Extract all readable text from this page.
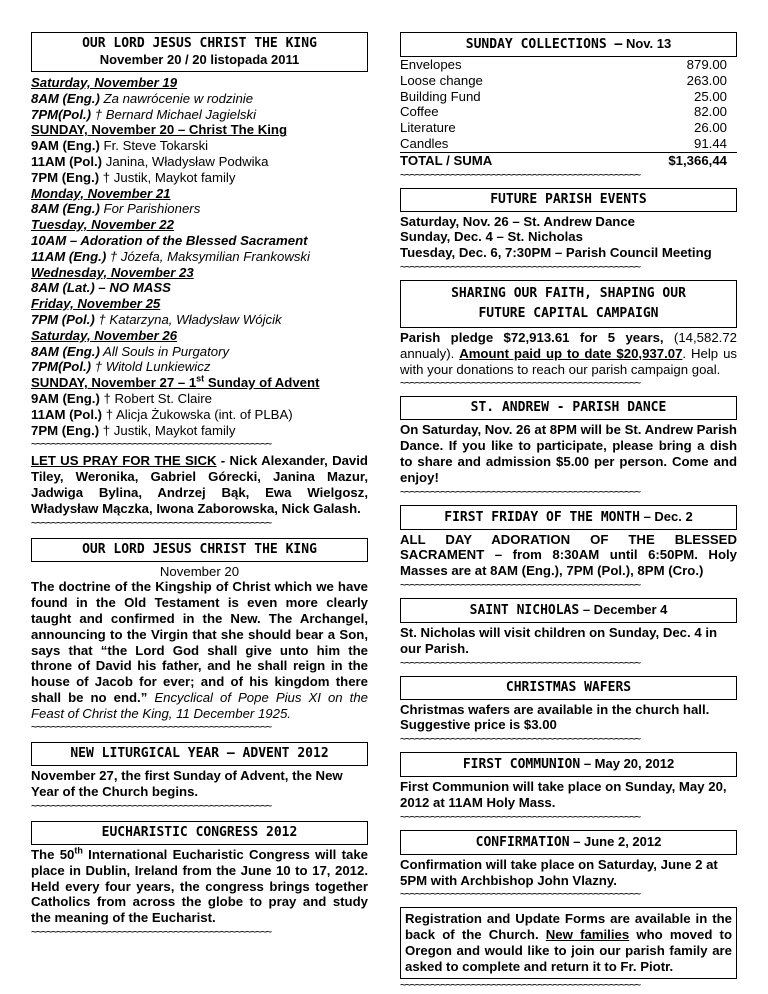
OUR LORD JESUS CHRIST THE KING
November 20 / 20 listopada 2011
Saturday, November 19
8AM (Eng.) Za nawrócenie w rodzinie
7PM(Pol.) † Bernard Michael Jagielski
SUNDAY, November 20 – Christ The King
9AM (Eng.) Fr. Steve Tokarski
11AM (Pol.) Janina, Władysław Podwika
7PM (Eng.) † Justik, Maykot family
Monday, November 21
8AM (Eng.) For Parishioners
Tuesday, November 22
10AM – Adoration of the Blessed Sacrament
11AM (Eng.) † Józefa, Maksymilian Frankowski
Wednesday, November 23
8AM (Lat.) – NO MASS
Friday, November 25
7PM (Pol.) † Katarzyna, Władysław Wójcik
Saturday, November 26
8AM (Eng.) All Souls in Purgatory
7PM(Pol.) † Witold Lunkiewicz
SUNDAY, November 27 – 1st Sunday of Advent
9AM (Eng.) † Robert St. Claire
11AM (Pol.) † Alicja Żukowska (int. of PLBA)
7PM (Eng.) † Justik, Maykot family
~~~~~~~~~~~~~~~~~~~~~~~~~~~~~~~~~~~~~~~~~~~~~~~
LET US PRAY FOR THE SICK - Nick Alexander, David Tiley, Weronika, Gabriel Górecki, Janina Mazur, Jadwiga Bylina, Andrzej Bąk, Ewa Wielgosz, Władysław Mączka, Iwona Zaborowska, Nick Galash.
~~~~~~~~~~~~~~~~~~~~~~~~~~~~~~~~~~~~~~~~~~~~~~~
OUR LORD JESUS CHRIST THE KING
November 20
The doctrine of the Kingship of Christ which we have found in the Old Testament is even more clearly taught and confirmed in the New. The Archangel, announcing to the Virgin that she should bear a Son, says that “the Lord God shall give unto him the throne of David his father, and he shall reign in the house of Jacob for ever; and of his kingdom there shall be no end.” Encyclical of Pope Pius XI on the Feast of Christ the King, 11 December 1925.
~~~~~~~~~~~~~~~~~~~~~~~~~~~~~~~~~~~~~~~~~~~~~~~
NEW LITURGICAL YEAR – ADVENT 2012
November 27, the first Sunday of Advent, the New Year of the Church begins.
~~~~~~~~~~~~~~~~~~~~~~~~~~~~~~~~~~~~~~~~~~~~~~~
EUCHARISTIC CONGRESS 2012
The 50th International Eucharistic Congress will take place in Dublin, Ireland from the June 10 to 17, 2012. Held every four years, the congress brings together Catholics from across the globe to pray and study the meaning of the Eucharist.
~~~~~~~~~~~~~~~~~~~~~~~~~~~~~~~~~~~~~~~~~~~~~~~
SUNDAY COLLECTIONS – Nov. 13
Envelopes	879.00
Loose change	263.00
Building Fund	25.00
Coffee	82.00
Literature	26.00
Candles	91.44
TOTAL / SUMA	$1,366,44
~~~~~~~~~~~~~~~~~~~~~~~~~~~~~~~~~~~~~~~~~~~~~~~
FUTURE PARISH EVENTS
Saturday, Nov. 26 – St. Andrew Dance
Sunday, Dec. 4 – St. Nicholas
Tuesday, Dec. 6, 7:30PM – Parish Council Meeting
~~~~~~~~~~~~~~~~~~~~~~~~~~~~~~~~~~~~~~~~~~~~~~~
SHARING OUR FAITH, SHAPING OUR
FUTURE CAPITAL CAMPAIGN
Parish pledge $72,913.61 for 5 years, (14,582.72 annualy). Amount paid up to date $20,937.07. Help us with your donations to reach our parish campaign goal.
~~~~~~~~~~~~~~~~~~~~~~~~~~~~~~~~~~~~~~~~~~~~~~~
ST. ANDREW - PARISH DANCE
On Saturday, Nov. 26 at 8PM will be St. Andrew Parish Dance. If you like to participate, please bring a dish to share and admission $5.00 per person. Come and enjoy!
~~~~~~~~~~~~~~~~~~~~~~~~~~~~~~~~~~~~~~~~~~~~~~~
FIRST FRIDAY OF THE MONTH – Dec. 2
ALL DAY ADORATION OF THE BLESSED SACRAMENT – from 8:30AM until 6:50PM. Holy Masses are at 8AM (Eng.), 7PM (Pol.), 8PM (Cro.)
~~~~~~~~~~~~~~~~~~~~~~~~~~~~~~~~~~~~~~~~~~~~~~~
SAINT NICHOLAS – December 4
St. Nicholas will visit children on Sunday, Dec. 4 in our Parish.
~~~~~~~~~~~~~~~~~~~~~~~~~~~~~~~~~~~~~~~~~~~~~~~
CHRISTMAS WAFERS
Christmas wafers are available in the church hall. Suggestive price is $3.00
~~~~~~~~~~~~~~~~~~~~~~~~~~~~~~~~~~~~~~~~~~~~~~~
FIRST COMMUNION – May 20, 2012
First Communion will take place on Sunday, May 20, 2012 at 11AM Holy Mass.
~~~~~~~~~~~~~~~~~~~~~~~~~~~~~~~~~~~~~~~~~~~~~~~
CONFIRMATION – June 2, 2012
Confirmation will take place on Saturday, June 2 at 5PM with Archbishop John Vlazny.
~~~~~~~~~~~~~~~~~~~~~~~~~~~~~~~~~~~~~~~~~~~~~~~
Registration and Update Forms are available in the back of the Church. New families who moved to Oregon and would like to join our parish family are asked to complete and return it to Fr. Piotr.
~~~~~~~~~~~~~~~~~~~~~~~~~~~~~~~~~~~~~~~~~~~~~~~
